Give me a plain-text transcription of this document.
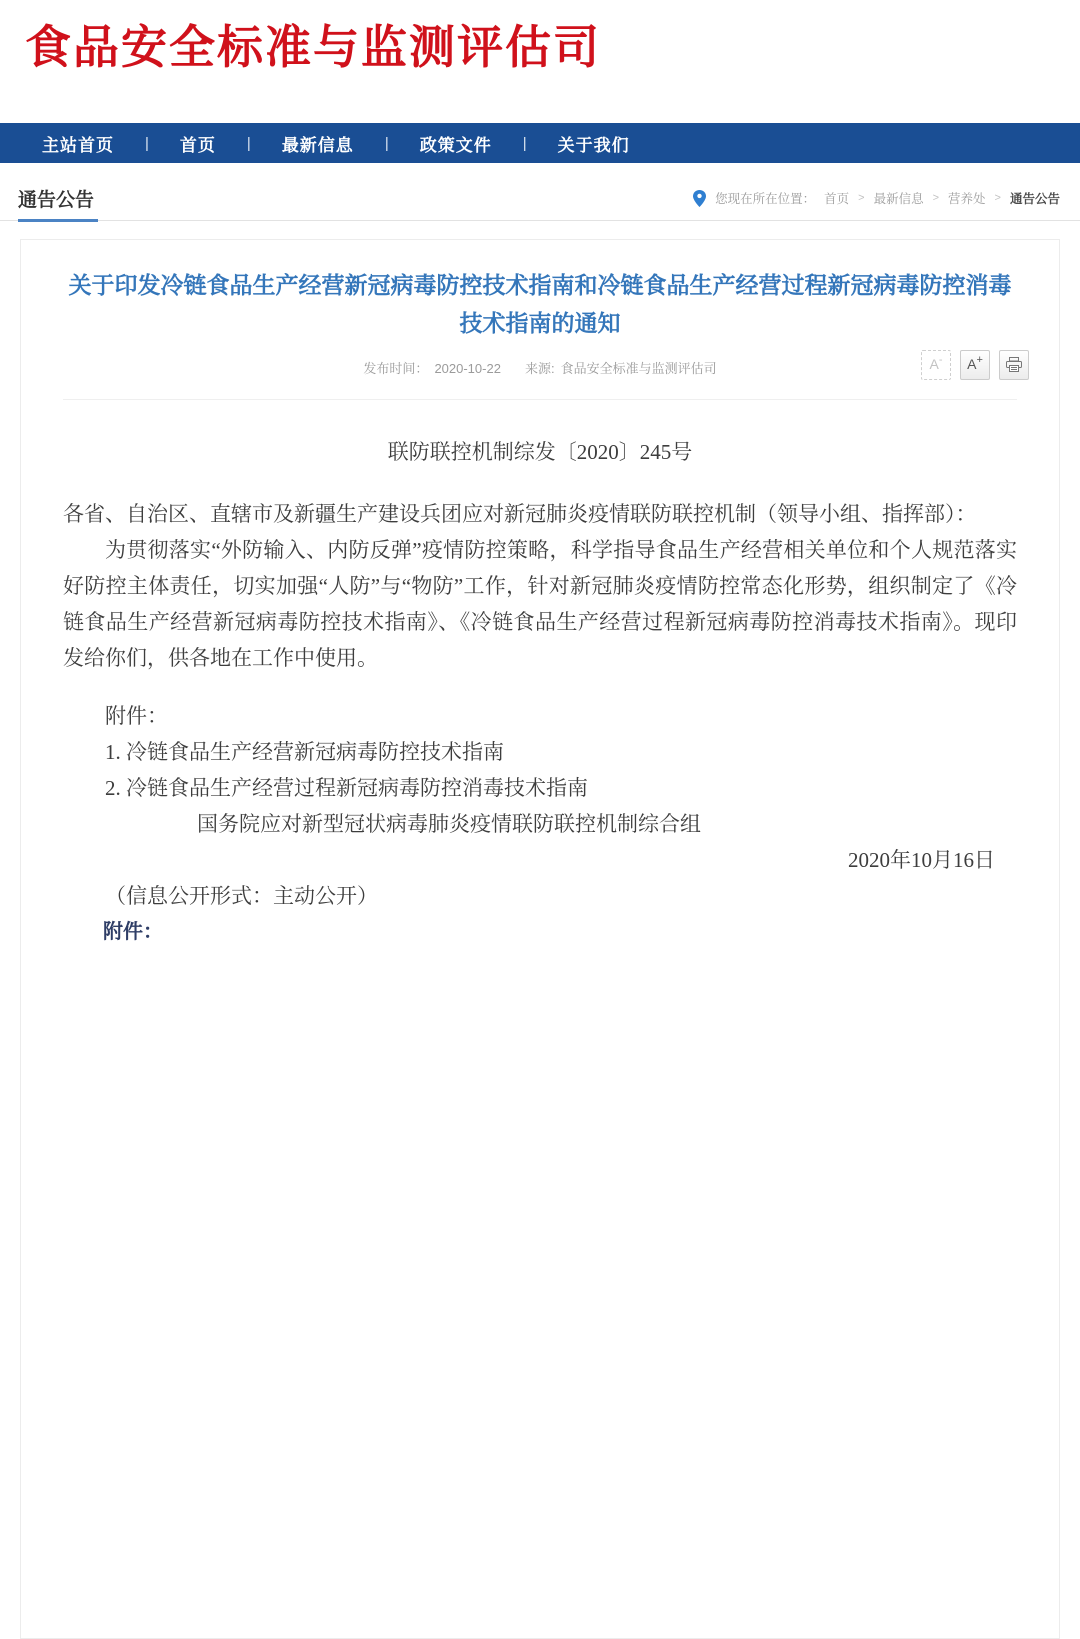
食品安全标准与监测评估司
主站首页 | 首页 | 最新信息 | 政策文件 | 关于我们
通告公告	您现在所在位置： 首页 > 最新信息 > 营养处 > 通告公告
关于印发冷链食品生产经营新冠病毒防控技术指南和冷链食品生产经营过程新冠病毒防控消毒技术指南的通知
发布时间： 2020-10-22 来源: 食品安全标准与监测评估司	A - A +

联防联控机制综发〔2020〕245号

各省、自治区、直辖市及新疆生产建设兵团应对新冠肺炎疫情联防联控机制（领导小组、指挥部）：

为贯彻落实“外防输入、内防反弹”疫情防控策略，科学指导食品生产经营相关单位和个人规范落实好防控主体责任，切实加强“人防”与“物防”工作，针对新冠肺炎疫情防控常态化形势，组织制定了《冷链食品生产经营新冠病毒防控技术指南》、《冷链食品生产经营过程新冠病毒防控消毒技术指南》。现印发给你们，供各地在工作中使用。

附件：

1. 冷链食品生产经营新冠病毒防控技术指南

2. 冷链食品生产经营过程新冠病毒防控消毒技术指南

国务院应对新型冠状病毒肺炎疫情联防联控机制综合组

2020年10月16日

（信息公开形式：主动公开）

附件：
